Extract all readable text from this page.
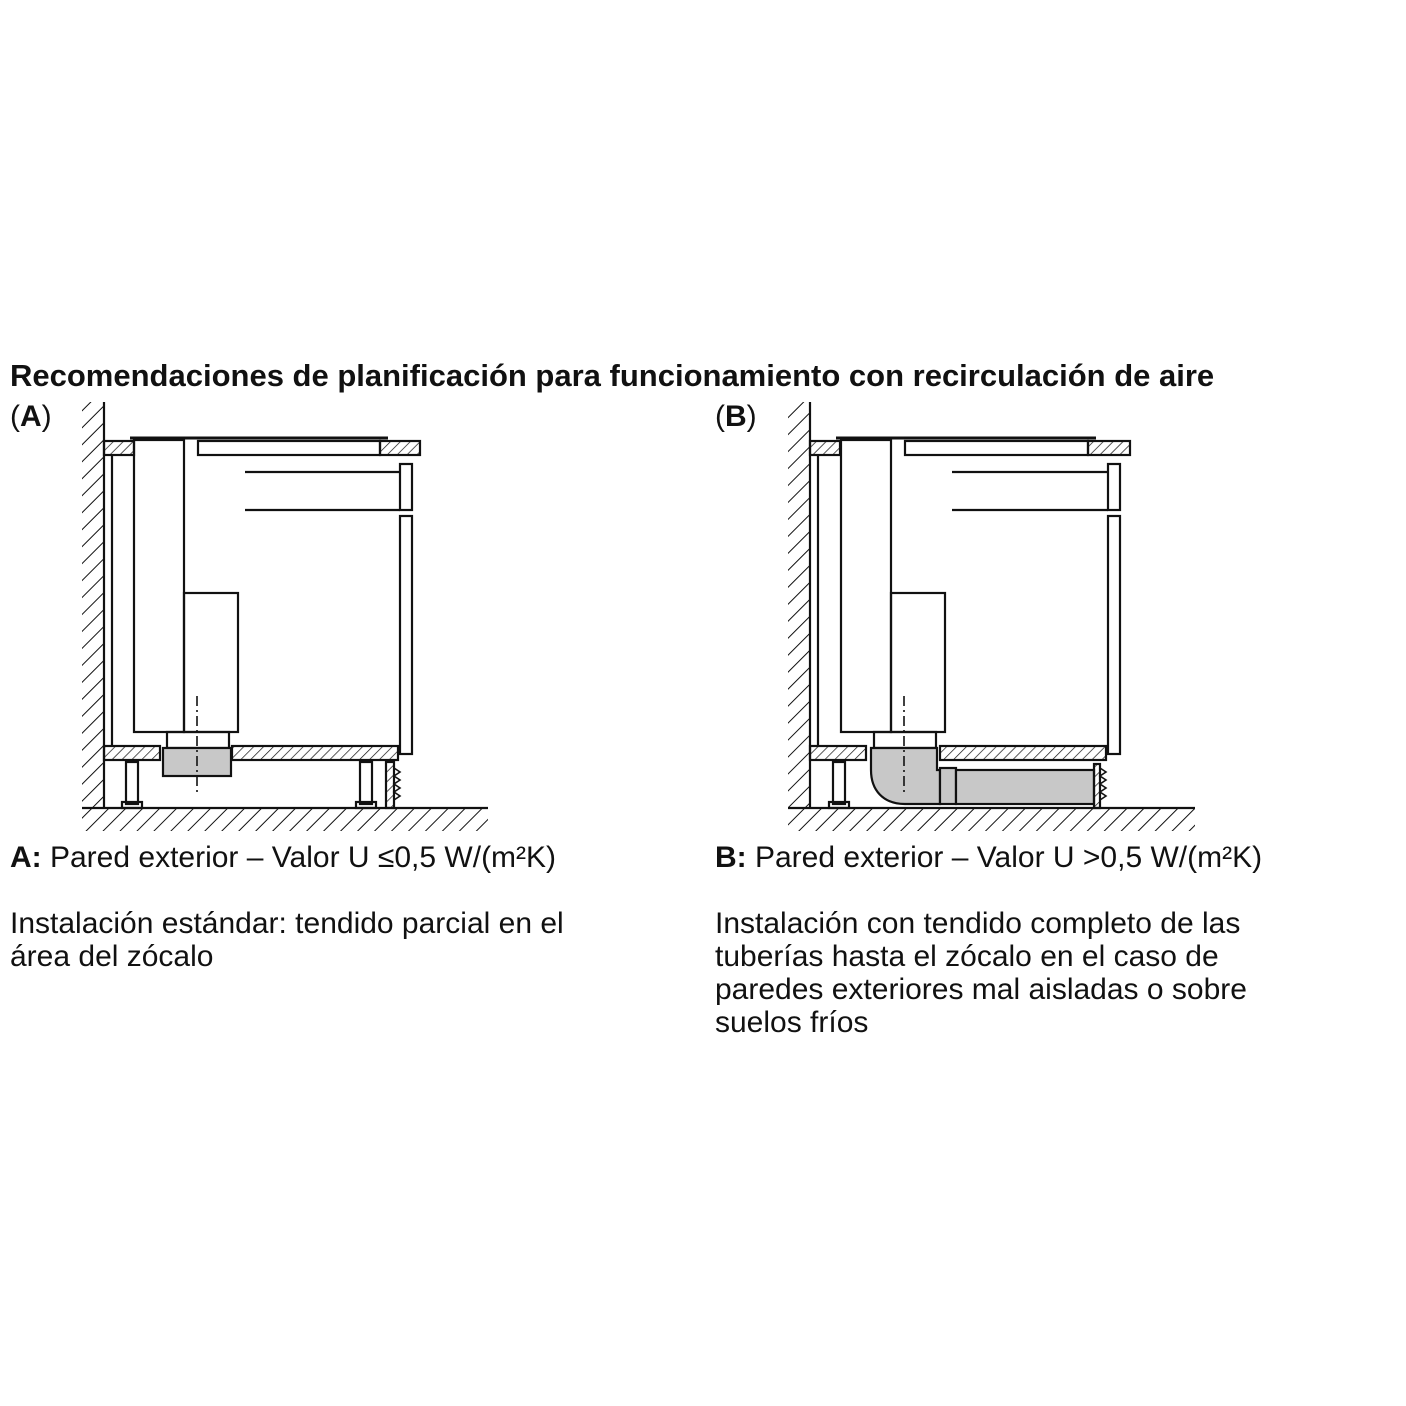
Recomendaciones de planificación para funcionamiento con recirculación de aire
(A)
A: Pared exterior – Valor U ≤0,5 W/(m²K)
Instalación estándar: tendido parcial en el
área del zócalo
(B)
B: Pared exterior – Valor U >0,5 W/(m²K)
Instalación con tendido completo de las
tuberías hasta el zócalo en el caso de
paredes exteriores mal aisladas o sobre
suelos fríos
